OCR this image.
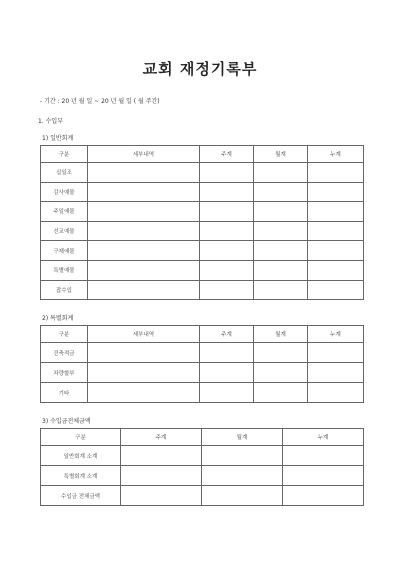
교회 재정기록부
- 기간 : 20 년 월 일 ~ 20 년 월 일 ( 월 주간)
1. 수입부
1) 일반회계
구분	세부내역	주계	월계	누계
십일조				
감사예물				
주일예물				
선교예물				
구제예물				
특별예물				
잡수입				
2) 특별회계
구분	세부내역	주계	월계	누계
건축적금				
차량할부				
기타				
3) 수입금전체금액
구분	주계	월계	누계
일반회계 소계			
특별회계 소계			
수입금 전체금액			
